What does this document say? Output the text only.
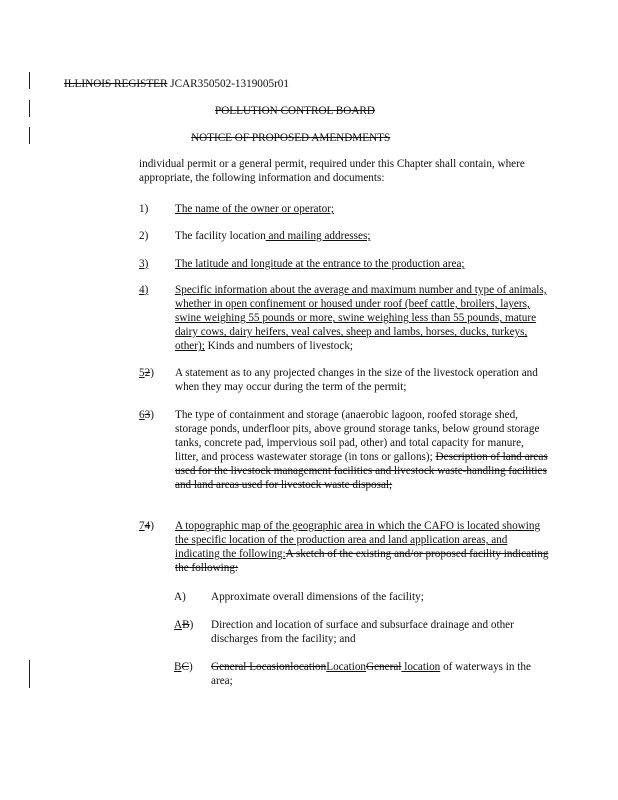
ILLINOIS REGISTER JCAR350502-1319005r01
POLLUTION CONTROL BOARD
NOTICE OF PROPOSED AMENDMENTS
individual permit or a general permit, required under this Chapter shall contain, where appropriate, the following information and documents:
1) The name of the owner or operator;
2) The facility location and mailing addresses;
3) The latitude and longitude at the entrance to the production area;
4) Specific information about the average and maximum number and type of animals, whether in open confinement or housed under roof (beef cattle, broilers, layers, swine weighing 55 pounds or more, swine weighing less than 55 pounds, mature dairy cows, dairy heifers, veal calves, sheep and lambs, horses, ducks, turkeys, other); Kinds and numbers of livestock;
52) A statement as to any projected changes in the size of the livestock operation and when they may occur during the term of the permit;
63) The type of containment and storage (anaerobic lagoon, roofed storage shed, storage ponds, underfloor pits, above ground storage tanks, below ground storage tanks, concrete pad, impervious soil pad, other) and total capacity for manure, litter, and process wastewater storage (in tons or gallons); Description of land areas used for the livestock management facilities and livestock waste-handling facilities and land areas used for livestock waste disposal;
74) A topographic map of the geographic area in which the CAFO is located showing the specific location of the production area and land application areas, and indicating the following:A sketch of the existing and/or proposed facility indicating the following:
A) Approximate overall dimensions of the facility;
AB) Direction and location of surface and subsurface drainage and other discharges from the facility; and
BC) General LocasionlocationLocationGeneral location of waterways in the area;
